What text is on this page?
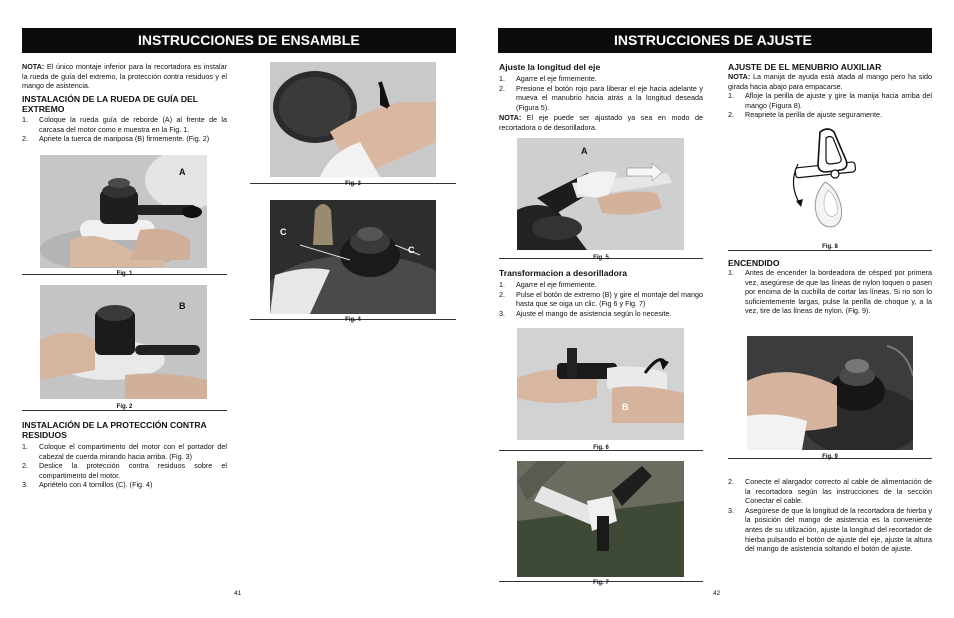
INSTRUCCIONES DE ENSAMBLE
NOTA: El único montaje inferior para la recortadora es instalar la rueda de guía del extremo, la protección contra residuos y el mango de asistencia.
INSTALACIÓN DE LA RUEDA DE GUÍA DEL EXTREMO
1. Coloque la rueda guía de reborde (A) al frente de la carcasa del motor como e muestra en la Fig. 1.
2. Apriete la tuerca de mariposa (B) firmemente. (Fig. 2)
A
Fig. 1
B
Fig. 2
INSTALACIÓN DE LA PROTECCIÓN CONTRA RESIDUOS
1. Coloque el compartimento del motor con el portador del cabezal de cuerda mirando hacia arriba. (Fig. 3)
2. Deslice la protección contra residuos sobre el compartimento del motor.
3. Apriételo con 4 tornillos (C). (Fig. 4)
Fig. 3
C
C
Fig. 4
41
INSTRUCCIONES DE AJUSTE
Ajuste la longitud del eje
1. Agarre el eje firmemente.
2. Presione el botón rojo para liberar el eje hacia adelante y mueva el manubrio hacia atrás a la longitud deseada (Figura 5).
NOTA: El eje puede ser ajustado ya sea en modo de recortadora o de desorilladora.
A
Fig. 5
Transformacion a desorilladora
1. Agarre el eje firmemente.
2. Pulse el botón de extremo (B) y gire el montaje del mango hasta que se oiga un clic. (Fig 6 y Fig. 7)
3. Ajuste el mango de asistencia según lo necesite.
B
Fig. 6
Fig. 7
42
AJUSTE DE EL MENUBRIO AUXILIAR
NOTA: La manija de ayuda está atada al mango pero ha sido girada hacia abajo para empacarse.
1. Afloje la perilla de ajuste y gire la manija hacia arriba del mango (Figura 8).
2. Reapriete la perilla de ajuste seguramente.
Fig. 8
ENCENDIDO
1. Antes de encender la bordeadora de césped por primera vez, asegúrese de que las líneas de nylon toquen o pasen por encima de la cuchilla de cortar las líneas. Si no son lo suficientemente largas, pulse la perilla de choque y, a la vez, tire de las líneas de nylon. (Fig. 9).
Fig. 9
2. Conecte el alargador correcto al cable de alimentación de la recortadora según las instrucciones de la sección Conectar el cable.
3. Asegúrese de que la longitud de la recortadora de hierba y la posición del mango de asistencia es la conveniente antes de su utilización, ajuste la longitud del recortador de hierba pulsando el botón de ajuste del eje, ajuste la altura del mango de asistencia soltando el botón de ajuste.
